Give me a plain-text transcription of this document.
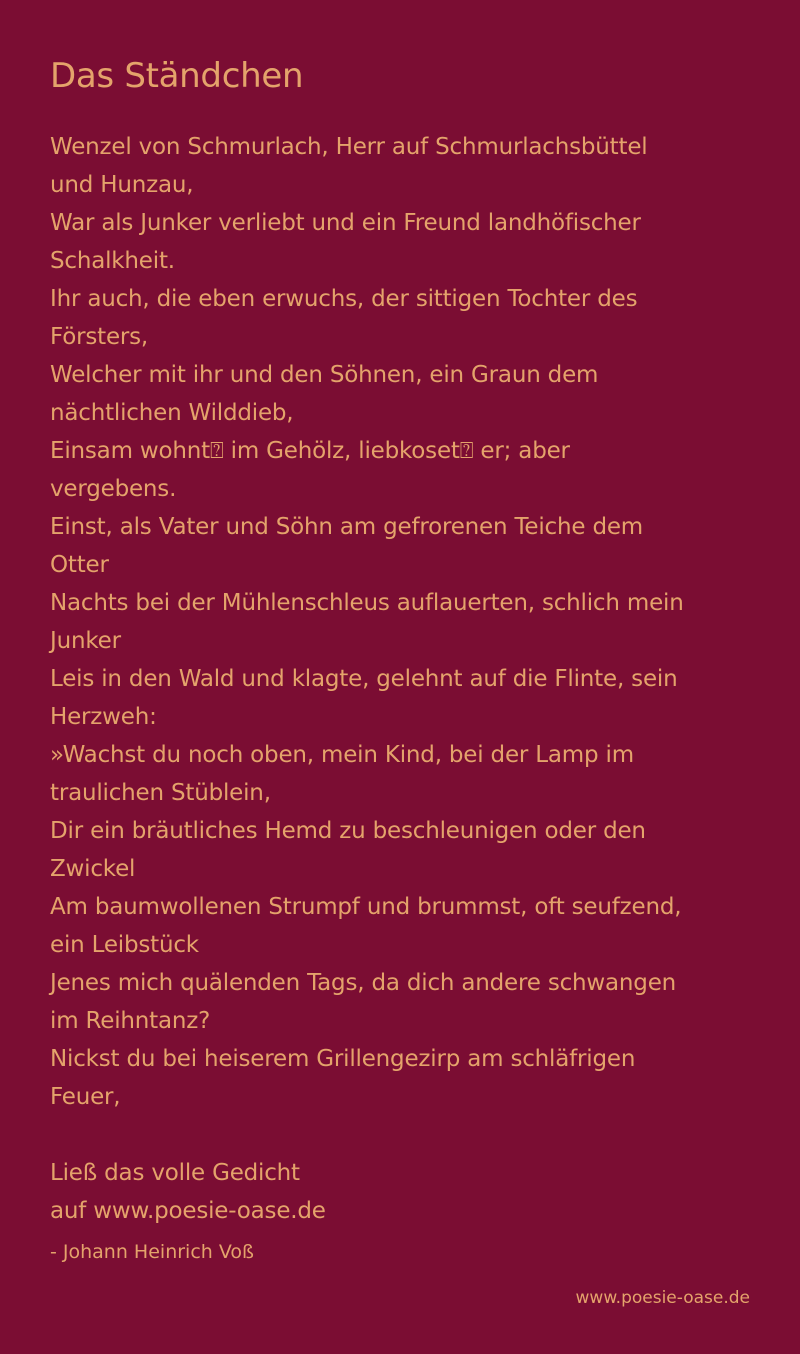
Das Ständchen
Wenzel von Schmurlach, Herr auf Schmurlachsbüttel
und Hunzau,
War als Junker verliebt und ein Freund landhöfischer
Schalkheit.
Ihr auch, die eben erwuchs, der sittigen Tochter des
Försters,
Welcher mit ihr und den Söhnen, ein Graun dem
nächtlichen Wilddieb,
Einsam wohnt⍰ im Gehölz, liebkoset⍰ er; aber
vergebens.
Einst, als Vater und Söhn am gefrorenen Teiche dem
Otter
Nachts bei der Mühlenschleus auflauerten, schlich mein
Junker
Leis in den Wald und klagte, gelehnt auf die Flinte, sein
Herzweh:
»Wachst du noch oben, mein Kind, bei der Lamp im
traulichen Stüblein,
Dir ein bräutliches Hemd zu beschleunigen oder den
Zwickel
Am baumwollenen Strumpf und brummst, oft seufzend,
ein Leibstück
Jenes mich quälenden Tags, da dich andere schwangen
im Reihntanz?
Nickst du bei heiserem Grillengezirp am schläfrigen
Feuer,
Ließ das volle Gedicht
auf www.poesie-oase.de
- Johann Heinrich Voß
www.poesie-oase.de
